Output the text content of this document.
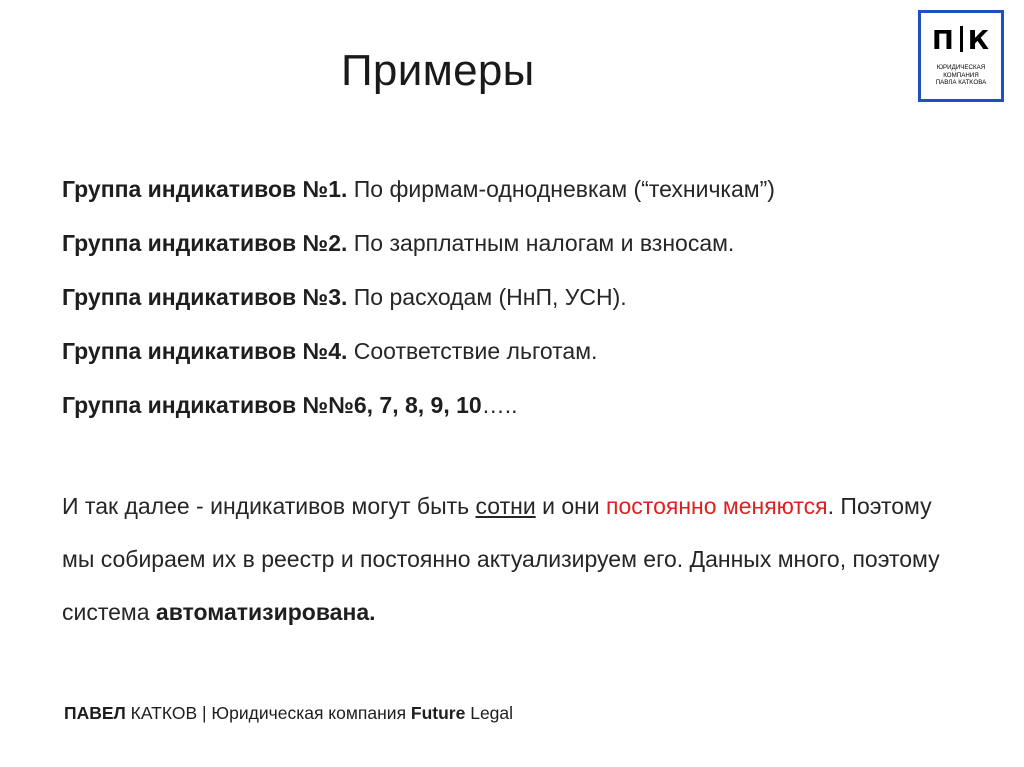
Примеры
П К
ЮРИДИЧЕСКАЯ
КОМПАНИЯ
ПАВЛА КАТKОВА
Группа индикативов №1. По фирмам-однодневкам (“техничкам”)
Группа индикативов №2. По зарплатным налогам и взносам.
Группа индикативов №3. По расходам (НнП, УСН).
Группа индикативов №4. Соответствие льготам.
Группа индикативов №№6, 7, 8, 9, 10…..
И так далее - индикативов могут быть сотни и они постоянно меняются. Поэтому мы собираем их в реестр и постоянно актуализируем его. Данных много, поэтому система автоматизирована.
ПАВЕЛ КАТКОВ | Юридическая компания Future Legal
